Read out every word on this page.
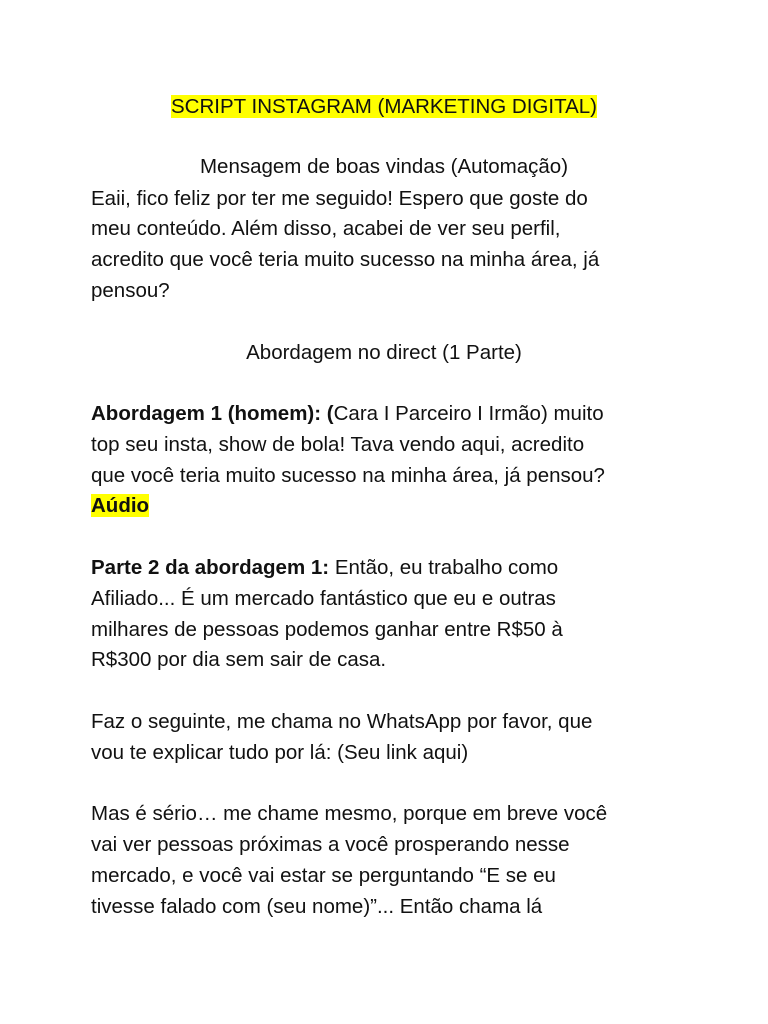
SCRIPT INSTAGRAM (MARKETING DIGITAL)
Mensagem de boas vindas (Automação)
Eaii, fico feliz por ter me seguido! Espero que goste do
meu conteúdo. Além disso, acabei de ver seu perfil,
acredito que você teria muito sucesso na minha área, já
pensou?
Abordagem no direct (1 Parte)
Abordagem 1 (homem): (Cara I Parceiro I Irmão) muito
top seu insta, show de bola! Tava vendo aqui, acredito
que você teria muito sucesso na minha área, já pensou?
Aúdio
Parte 2 da abordagem 1: Então, eu trabalho como
Afiliado... É um mercado fantástico que eu e outras
milhares de pessoas podemos ganhar entre R$50 à
R$300 por dia sem sair de casa.
Faz o seguinte, me chama no WhatsApp por favor, que
vou te explicar tudo por lá: (Seu link aqui)
Mas é sério… me chame mesmo, porque em breve você
vai ver pessoas próximas a você prosperando nesse
mercado, e você vai estar se perguntando “E se eu
tivesse falado com (seu nome)”... Então chama lá
